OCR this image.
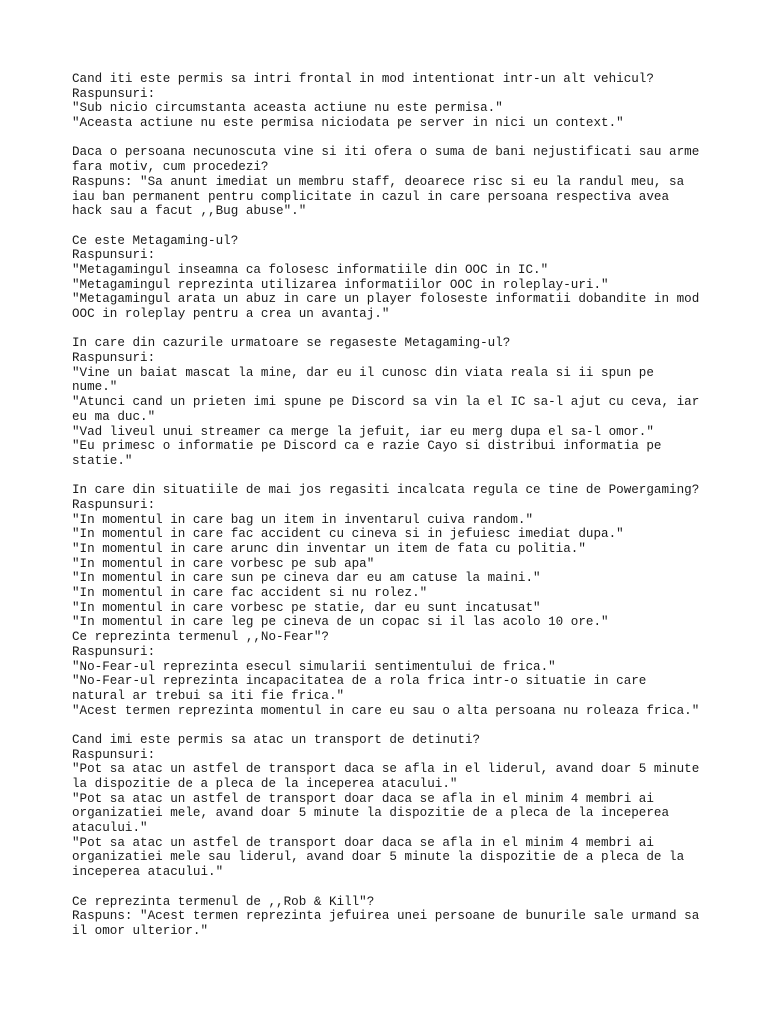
Cand iti este permis sa intri frontal in mod intentionat intr-un alt vehicul?
Raspunsuri:
"Sub nicio circumstanta aceasta actiune nu este permisa."
"Aceasta actiune nu este permisa niciodata pe server in nici un context."
Daca o persoana necunoscuta vine si iti ofera o suma de bani nejustificati sau arme
fara motiv, cum procedezi?
Raspuns: "Sa anunt imediat un membru staff, deoarece risc si eu la randul meu, sa
iau ban permanent pentru complicitate in cazul in care persoana respectiva avea
hack sau a facut ,,Bug abuse"."
Ce este Metagaming-ul?
Raspunsuri:
"Metagamingul inseamna ca folosesc informatiile din OOC in IC."
"Metagamingul reprezinta utilizarea informatiilor OOC in roleplay-uri."
"Metagamingul arata un abuz in care un player foloseste informatii dobandite in mod
OOC in roleplay pentru a crea un avantaj."
In care din cazurile urmatoare se regaseste Metagaming-ul?
Raspunsuri:
"Vine un baiat mascat la mine, dar eu il cunosc din viata reala si ii spun pe
nume."
"Atunci cand un prieten imi spune pe Discord sa vin la el IC sa-l ajut cu ceva, iar
eu ma duc."
"Vad liveul unui streamer ca merge la jefuit, iar eu merg dupa el sa-l omor."
"Eu primesc o informatie pe Discord ca e razie Cayo si distribui informatia pe
statie."
In care din situatiile de mai jos regasiti incalcata regula ce tine de Powergaming?
Raspunsuri:
"In momentul in care bag un item in inventarul cuiva random."
"In momentul in care fac accident cu cineva si in jefuiesc imediat dupa."
"In momentul in care arunc din inventar un item de fata cu politia."
"In momentul in care vorbesc pe sub apa"
"In momentul in care sun pe cineva dar eu am catuse la maini."
"In momentul in care fac accident si nu rolez."
"In momentul in care vorbesc pe statie, dar eu sunt incatusat"
"In momentul in care leg pe cineva de un copac si il las acolo 10 ore."
Ce reprezinta termenul ,,No-Fear"?
Raspunsuri:
"No-Fear-ul reprezinta esecul simularii sentimentului de frica."
"No-Fear-ul reprezinta incapacitatea de a rola frica intr-o situatie in care
natural ar trebui sa iti fie frica."
"Acest termen reprezinta momentul in care eu sau o alta persoana nu roleaza frica."
Cand imi este permis sa atac un transport de detinuti?
Raspunsuri:
"Pot sa atac un astfel de transport daca se afla in el liderul, avand doar 5 minute
la dispozitie de a pleca de la inceperea atacului."
"Pot sa atac un astfel de transport doar daca se afla in el minim 4 membri ai
organizatiei mele, avand doar 5 minute la dispozitie de a pleca de la inceperea
atacului."
"Pot sa atac un astfel de transport doar daca se afla in el minim 4 membri ai
organizatiei mele sau liderul, avand doar 5 minute la dispozitie de a pleca de la
inceperea atacului."
Ce reprezinta termenul de ,,Rob & Kill"?
Raspuns: "Acest termen reprezinta jefuirea unei persoane de bunurile sale urmand sa
il omor ulterior."
